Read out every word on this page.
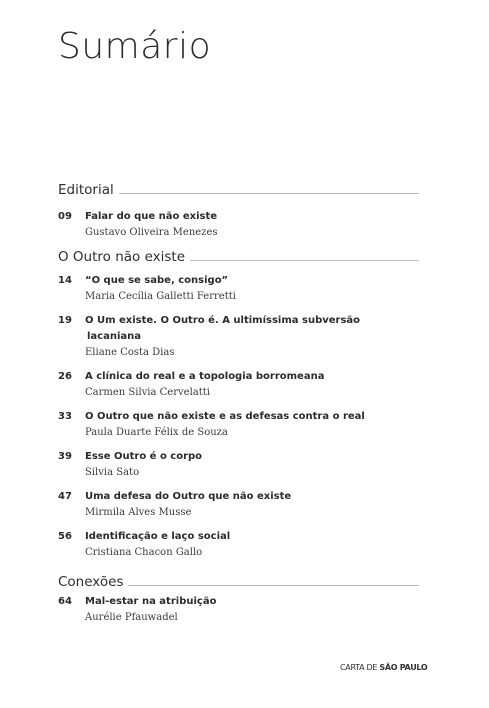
Sumário
Editorial
09	Falar do que não existe
Gustavo Oliveira Menezes
O Outro não existe
14	“O que se sabe, consigo”
Maria Cecília Galletti Ferretti
19	O Um existe. O Outro é. A ultimíssima subversão
lacaniana
Eliane Costa Dias
26	A clínica do real e a topologia borromeana
Carmen Silvia Cervelatti
33	O Outro que não existe e as defesas contra o real
Paula Duarte Félix de Souza
39	Esse Outro é o corpo
Silvia Sato
47	Uma defesa do Outro que não existe
Mirmila Alves Musse
56	Identificação e laço social
Cristiana Chacon Gallo
Conexões
64	Mal-estar na atribuição
Aurélie Pfauwadel
CARTA DE SÃO PAULO
